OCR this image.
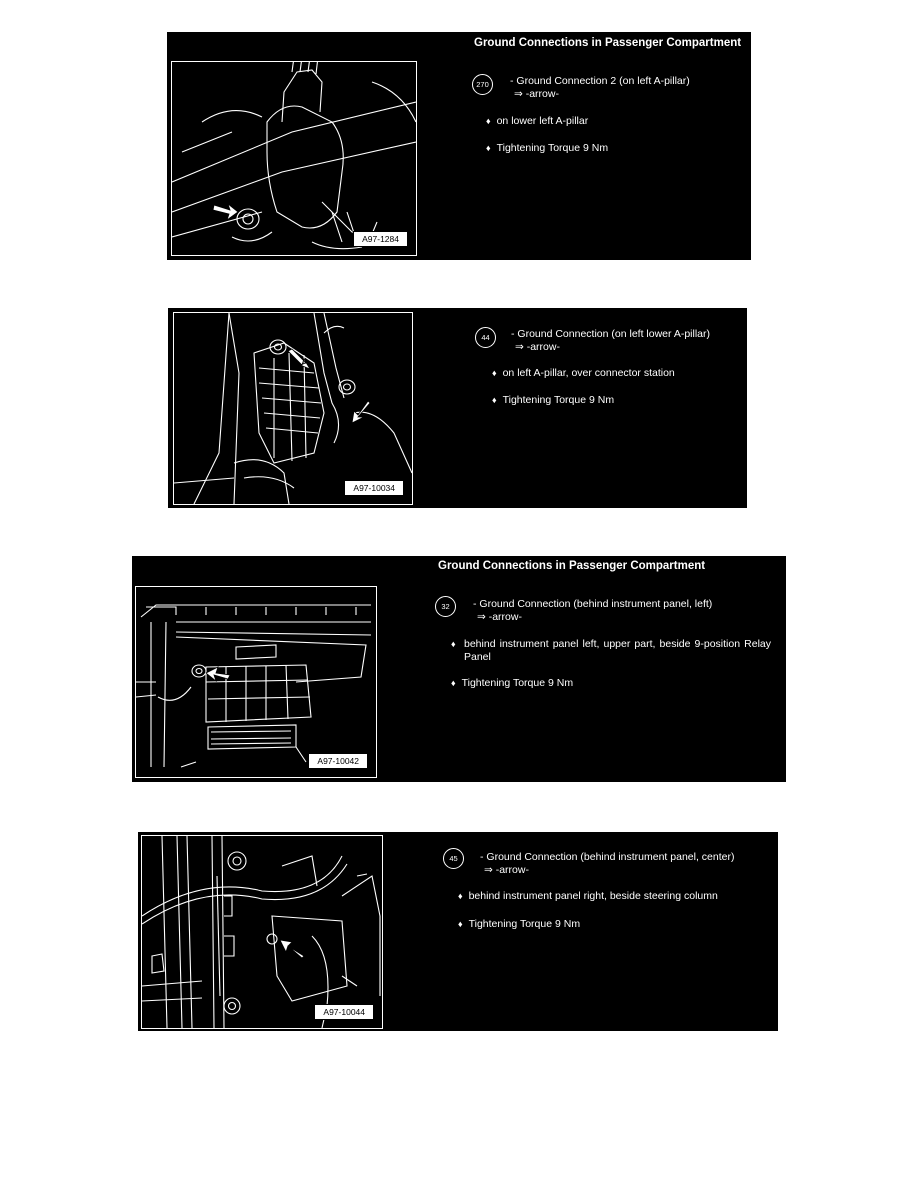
A97-1284
Ground Connections in Passenger Compartment
270	- Ground Connection 2 (on left A-pillar)
⇒ -arrow-
♦ on lower left A-pillar
♦ Tightening Torque 9 Nm
A97-10034
44	- Ground Connection (on left lower A-pillar)
⇒ -arrow-
♦ on left A-pillar, over connector station
♦ Tightening Torque 9 Nm
A97-10042
Ground Connections in Passenger Compartment
32	- Ground Connection (behind instrument panel, left)
⇒ -arrow-
♦ behind instrument panel left, upper part, beside 9-position Relay Panel
♦ Tightening Torque 9 Nm
A97-10044
45	- Ground Connection (behind instrument panel, center)
⇒ -arrow-
♦ behind instrument panel right, beside steering column
♦ Tightening Torque 9 Nm
